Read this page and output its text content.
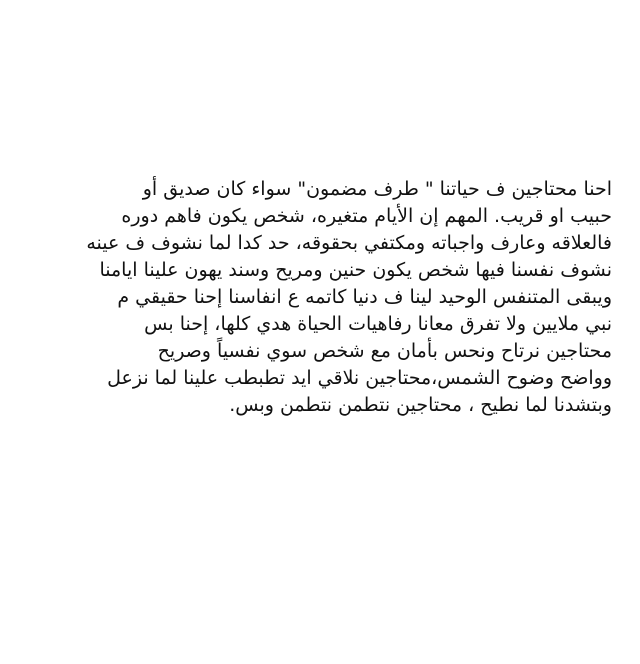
احنا محتاجين ف حياتنا " طرف مضمون" سواء كان صديق أو
حبيب او قريب. المهم إن الأيام متغيره، شخص يكون فاهم دوره
فالعلاقه وعارف واجباته ومكتفي بحقوقه، حد كدا لما نشوف ف عينه
نشوف نفسنا فيها شخص يكون حنين ومريح وسند يهون علينا ايامنا
ويبقى المتنفس الوحيد لينا ف دنيا كاتمه ع انفاسنا إحنا حقيقي م
نبي ملايين ولا تفرق معانا رفاهيات الحياة هدي كلها، إحنا بس
محتاجين نرتاح ونحس بأمان مع شخص سوي نفسياً وصريح
وواضح وضوح الشمس،محتاجين نلاقي ايد تطبطب علينا لما نزعل
وبتشدنا لما نطيح ، محتاجين نتطمن نتطمن وبس.
